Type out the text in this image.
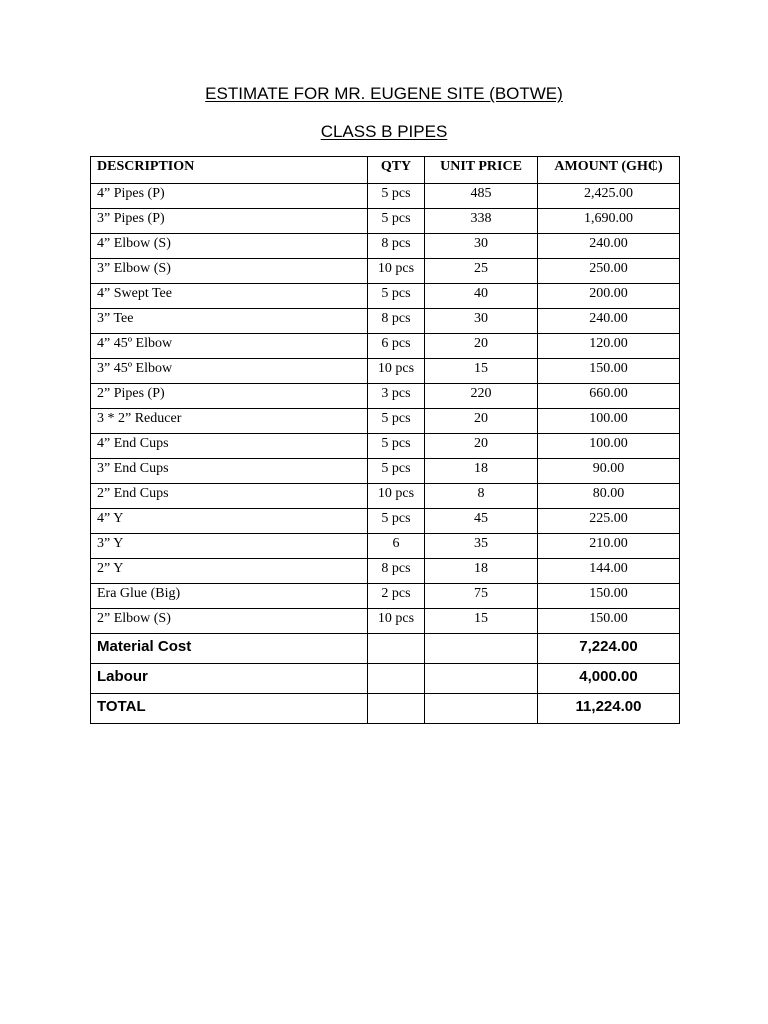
ESTIMATE FOR MR. EUGENE SITE (BOTWE)
CLASS B PIPES
DESCRIPTION	QTY	UNIT PRICE	AMOUNT (GH₵)
4” Pipes (P)	5 pcs	485	2,425.00
3” Pipes (P)	5 pcs	338	1,690.00
4” Elbow (S)	8 pcs	30	240.00
3” Elbow (S)	10 pcs	25	250.00
4” Swept Tee	5 pcs	40	200.00
3” Tee	8 pcs	30	240.00
4” 45º Elbow	6 pcs	20	120.00
3” 45º Elbow	10 pcs	15	150.00
2” Pipes (P)	3 pcs	220	660.00
3 * 2” Reducer	5 pcs	20	100.00
4” End Cups	5 pcs	20	100.00
3” End Cups	5 pcs	18	90.00
2” End Cups	10 pcs	8	80.00
4” Y	5 pcs	45	225.00
3” Y	6	35	210.00
2” Y	8 pcs	18	144.00
Era Glue (Big)	2 pcs	75	150.00
2” Elbow (S)	10 pcs	15	150.00
Material Cost			7,224.00
Labour			4,000.00
TOTAL			11,224.00
